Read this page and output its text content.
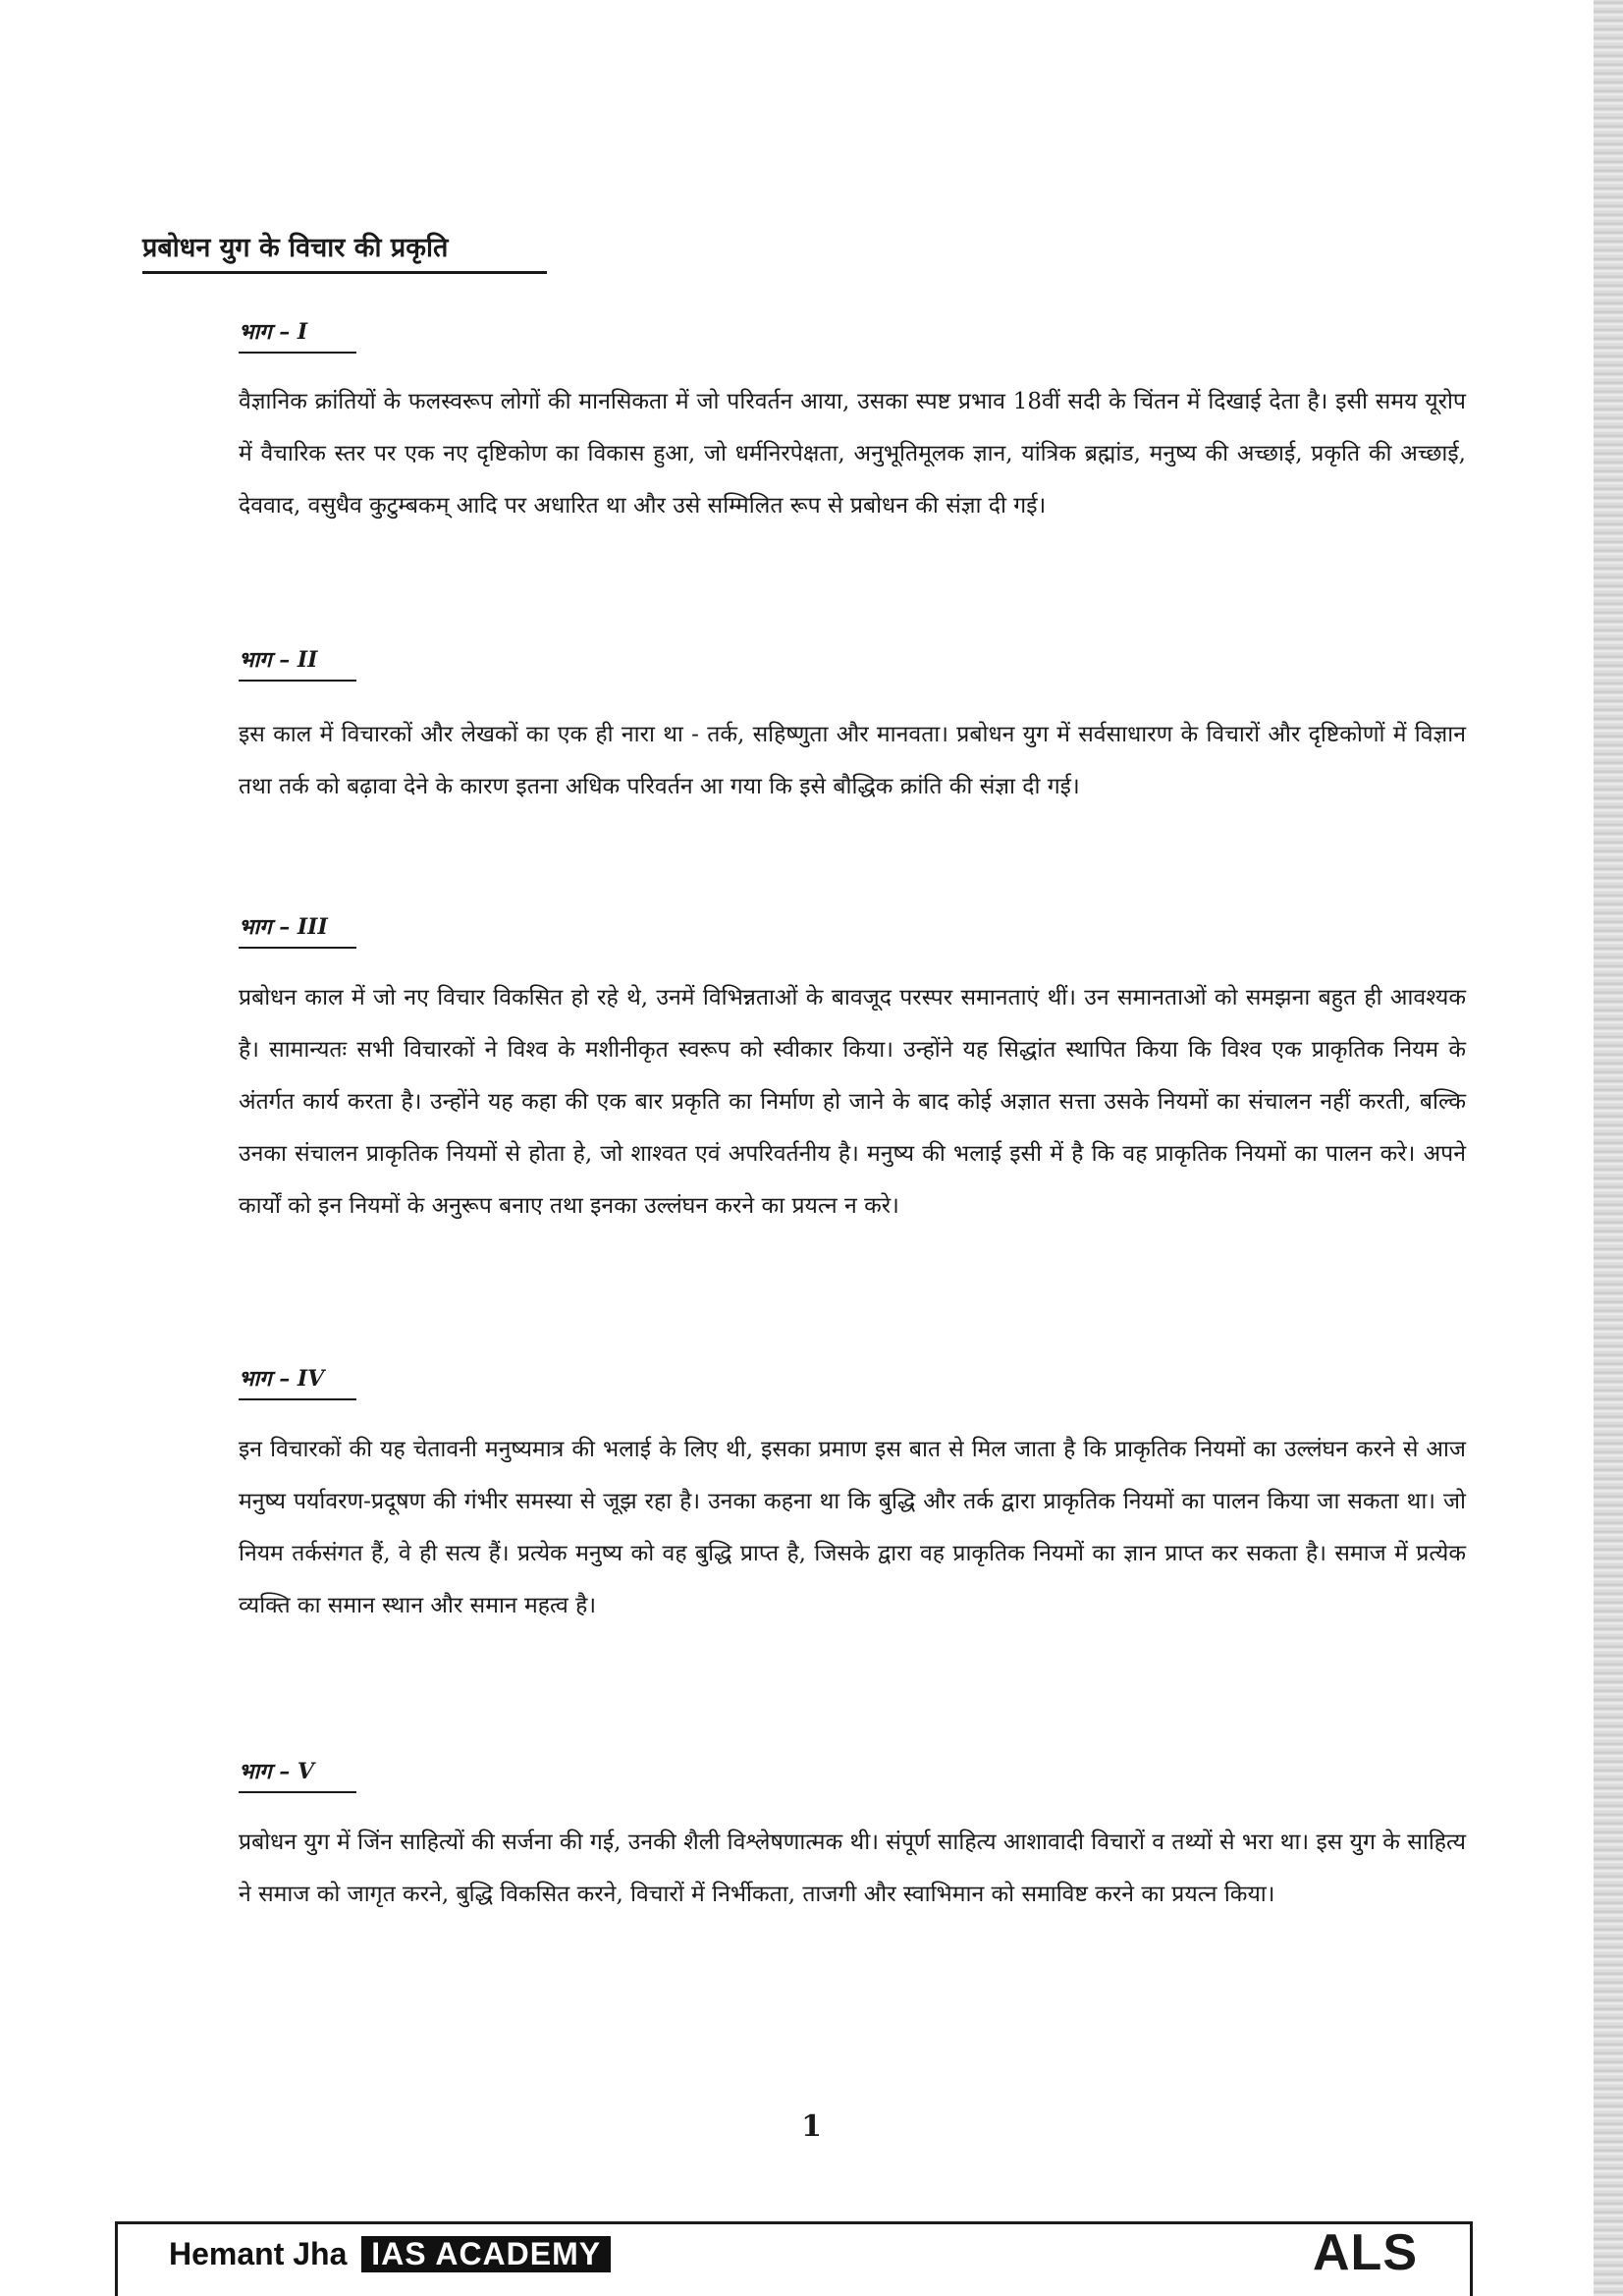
प्रबोधन युग के विचार की प्रकृति
भाग – I

वैज्ञानिक क्रांतियों के फलस्वरूप लोगों की मानसिकता में जो परिवर्तन आया, उसका स्पष्ट प्रभाव 18वीं सदी के चिंतन में दिखाई देता है। इसी समय यूरोप में वैचारिक स्तर पर एक नए दृष्टिकोण का विकास हुआ, जो धर्मनिरपेक्षता, अनुभूतिमूलक ज्ञान, यांत्रिक ब्रह्मांड, मनुष्य की अच्छाई, प्रकृति की अच्छाई, देववाद, वसुधैव कुटुम्बकम् आदि पर अधारित था और उसे सम्मिलित रूप से प्रबोधन की संज्ञा दी गई।

भाग – II

इस काल में विचारकों और लेखकों का एक ही नारा था - तर्क, सहिष्णुता और मानवता। प्रबोधन युग में सर्वसाधारण के विचारों और दृष्टिकोणों में विज्ञान तथा तर्क को बढ़ावा देने के कारण इतना अधिक परिवर्तन आ गया कि इसे बौद्धिक क्रांति की संज्ञा दी गई।

भाग – III

प्रबोधन काल में जो नए विचार विकसित हो रहे थे, उनमें विभिन्नताओं के बावजूद परस्पर समानताएं थीं। उन समानताओं को समझना बहुत ही आवश्यक है। सामान्यतः सभी विचारकों ने विश्व के मशीनीकृत स्वरूप को स्वीकार किया। उन्होंने यह सिद्धांत स्थापित किया कि विश्व एक प्राकृतिक नियम के अंतर्गत कार्य करता है। उन्होंने यह कहा की एक बार प्रकृति का निर्माण हो जाने के बाद कोई अज्ञात सत्ता उसके नियमों का संचालन नहीं करती, बल्कि उनका संचालन प्राकृतिक नियमों से होता हे, जो शाश्वत एवं अपरिवर्तनीय है। मनुष्य की भलाई इसी में है कि वह प्राकृतिक नियमों का पालन करे। अपने कार्यों को इन नियमों के अनुरूप बनाए तथा इनका उल्लंघन करने का प्रयत्न न करे।

भाग – IV

इन विचारकों की यह चेतावनी मनुष्यमात्र की भलाई के लिए थी, इसका प्रमाण इस बात से मिल जाता है कि प्राकृतिक नियमों का उल्लंघन करने से आज मनुष्य पर्यावरण-प्रदूषण की गंभीर समस्या से जूझ रहा है। उनका कहना था कि बुद्धि और तर्क द्वारा प्राकृतिक नियमों का पालन किया जा सकता था। जो नियम तर्कसंगत हैं, वे ही सत्य हैं। प्रत्येक मनुष्य को वह बुद्धि प्राप्त है, जिसके द्वारा वह प्राकृतिक नियमों का ज्ञान प्राप्त कर सकता है। समाज में प्रत्येक व्यक्ति का समान स्थान और समान महत्व है।

भाग – V

प्रबोधन युग में जिंन साहित्यों की सर्जना की गई, उनकी शैली विश्लेषणात्मक थी। संपूर्ण साहित्य आशावादी विचारों व तथ्यों से भरा था। इस युग के साहित्य ने समाज को जागृत करने, बुद्धि विकसित करने, विचारों में निर्भीकता, ताजगी और स्वाभिमान को समाविष्ट करने का प्रयत्न किया।

1
Hemant Jha IAS ACADEMY	ALS
